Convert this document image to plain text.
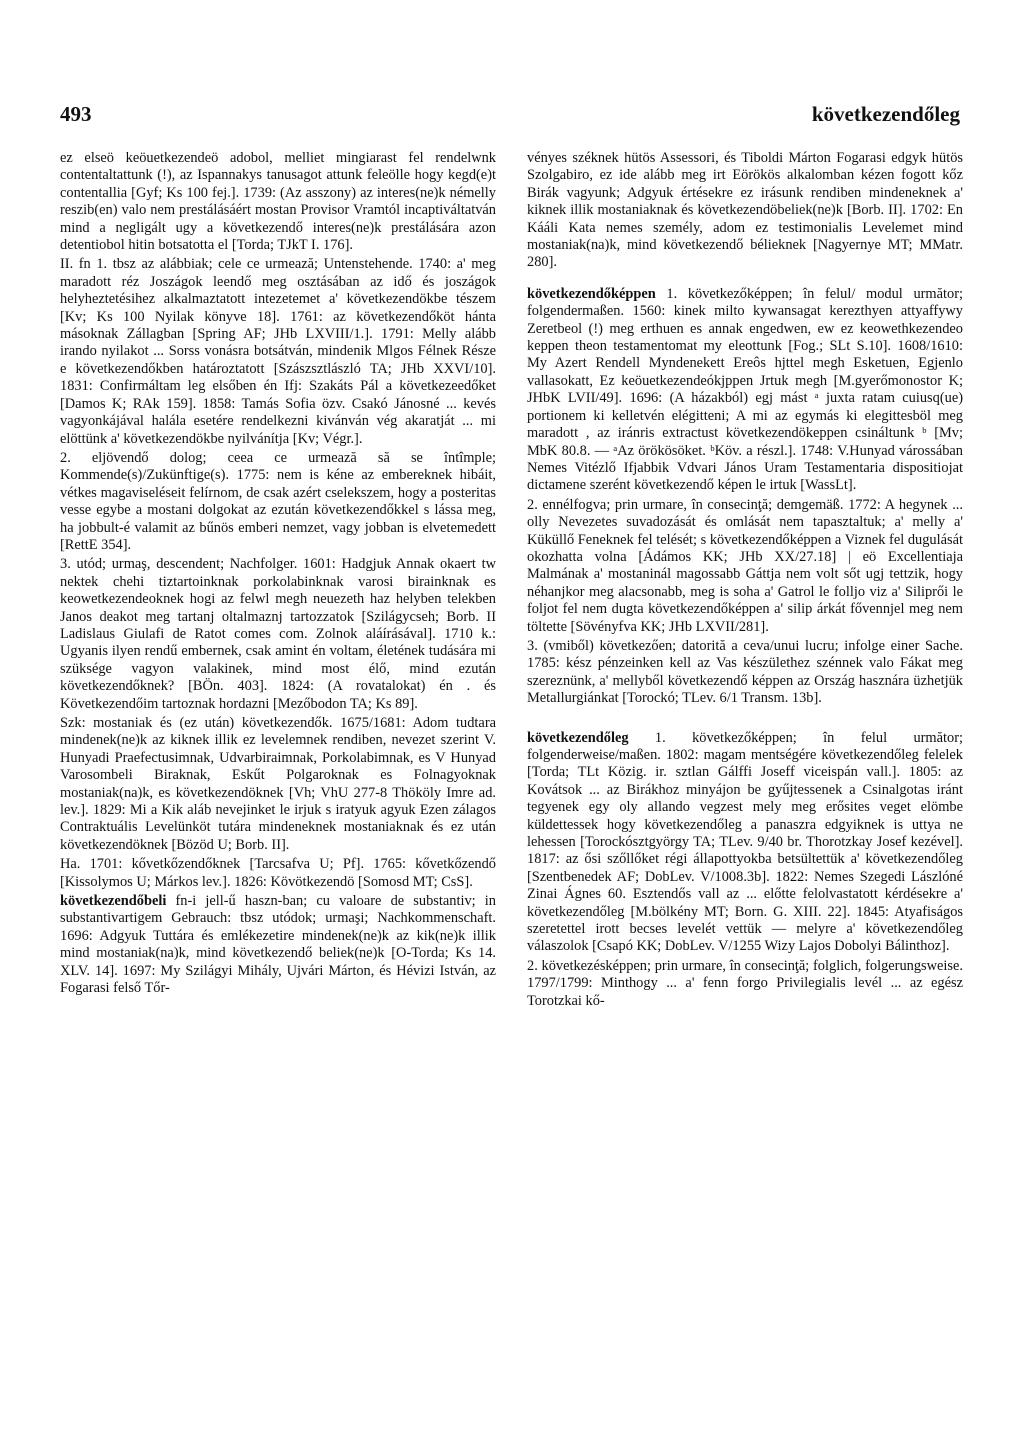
493	következendőleg

ez elseö keöuetkezendeö adobol, melliet mingiarast fel rendelwnk contentaltattunk (!), az Ispannakys tanusagot attunk feleölle hogy kegd(e)t contentallia [Gyf; Ks 100 fej.]. 1739: (Az asszony) az interes(ne)k némelly reszib(en) valo nem prestálásáért mostan Provisor Vramtól incaptiváltatván mind a negligált ugy a következendő interes(ne)k prestálására azon detentiobol hitin botsatotta el [Torda; TJkT I. 176].

II. fn 1. tbsz az alábbiak; cele ce urmează; Untenstehende. 1740: a' meg maradott réz Joszágok leendő meg osztásában az idő és joszágok helyheztetésihez alkalmaztatott intezetemet a' következendökbe tészem [Kv; Ks 100 Nyilak könyve 18]. 1761: az következendőköt hánta másoknak Zállagban [Spring AF; JHb LXVIII/1.]. 1791: Melly alább irando nyilakot ... Sorss vonásra botsátván, mindenik Mlgos Félnek Része e következendőkben határoztatott [Szászsztlászló TA; JHb XXVI/10]. 1831: Confirmáltam leg elsőben én Ifj: Szakáts Pál a következeedőket [Damos K; RAk 159]. 1858: Tamás Sofia özv. Csakó Jánosné ... kevés vagyonkájával halála esetére rendelkezni kivánván vég akaratját ... mi elöttünk a' következendökbe nyilvánítja [Kv; Végr.].

2. eljövendő dolog; ceea ce urmează să se întîmple; Kommende(s)/Zukünftige(s). 1775: nem is kéne az embereknek hibáit, vétkes magaviseléseit felírnom, de csak azért cselekszem, hogy a posteritas vesse egybe a mostani dolgokat az ezután következendőkkel s lássa meg, ha jobbult-é valamit az bűnös emberi nemzet, vagy jobban is elvetemedett [RettE 354].

3. utód; urmaş, descendent; Nachfolger. 1601: Hadgjuk Annak okaert tw nektek chehi tiztartoinknak porkolabinknak varosi birainknak es keowetkezendeoknek hogi az felwl megh neuezeth haz helyben telekben Janos deakot meg tartanj oltalmaznj tartozzatok [Szilágycseh; Borb. II Ladislaus Giulafi de Ratot comes com. Zolnok aláírásával]. 1710 k.: Ugyanis ilyen rendű embernek, csak amint én voltam, életének tudására mi szüksége vagyon valakinek, mind most élő, mind ezután következendőknek? [BÖn. 403]. 1824: (A rovatalokat) én . és Következendőim tartoznak hordazni [Mezőbodon TA; Ks 89].

Szk: mostaniak és (ez után) következendők. 1675/1681: Adom tudtara mindenek(ne)k az kiknek illik ez levelemnek rendiben, nevezet szerint V. Hunyadi Praefectusimnak, Udvarbiraimnak, Porkolabimnak, es V Hunyad Varosombeli Biraknak, Eskűt Polgaroknak es Folnagyoknak mostaniak(na)k, es következendöknek [Vh; VhU 277-8 Thököly Imre ad. lev.]. 1829: Mi a Kik aláb nevejinket le irjuk s iratyuk agyuk Ezen zálagos Contraktuális Levelünköt tutára mindeneknek mostaniaknak és ez után következendöknek [Bözöd U; Borb. II].

Ha. 1701: kővetkőzendőknek [Tarcsafva U; Pf]. 1765: kővetkőzendő [Kissolymos U; Márkos lev.]. 1826: Kövötkezendö [Somosd MT; CsS].

következendőbeli fn-i jell-ű haszn-ban; cu valoare de substantiv; in substantivartigem Gebrauch: tbsz utódok; urmaşi; Nachkommenschaft. 1696: Adgyuk Tuttára és emlékezetire mindenek(ne)k az kik(ne)k illik mind mostaniak(na)k, mind következendő beliek(ne)k [O-Torda; Ks 14. XLV. 14]. 1697: My Szilágyi Mihály, Ujvári Márton, és Hévizi István, az Fogarasi felső Tőr-

vényes széknek hütös Assessori, és Tiboldi Márton Fogarasi edgyk hütös Szolgabiro, ez ide alább meg irt Eörökös alkalomban kézen fogott kőz Birák vagyunk; Adgyuk értésekre ez irásunk rendiben mindeneknek a' kiknek illik mostaniaknak és következendöbeliek(ne)k [Borb. II]. 1702: En Kááli Kata nemes személy, adom ez testimonialis Levelemet mind mostaniak(na)k, mind következendő bélieknek [Nagyernye MT; MMatr. 280].

következendőképpen 1. következőképpen; în felul/ modul următor; folgendermaßen. 1560: kinek milto kywansagat kerezthyen attyaffywy Zeretbeol (!) meg erthuen es annak engedwen, ew ez keowethkezendeo keppen theon testamentomat my eleottunk [Fog.; SLt S.10]. 1608/1610: My Azert Rendell Myndenekett Ereôs hjttel megh Esketuen, Egjenlo vallasokatt, Ez keöuetkezendeókjppen Jrtuk megh [M.gyerőmonostor K; JHbK LVII/49]. 1696: (A házakból) egj mást ᵃ juxta ratam cuiusq(ue) portionem ki kelletvén elégitteni; A mi az egymás ki elegittesböl meg maradott , az iránris extractust következendökeppen csináltunk ᵇ [Mv; MbK 80.8. — ᵃAz örökösöket. ᵇKöv. a részl.]. 1748: V.Hunyad várossában Nemes Vitézlő Ifjabbik Vdvari János Uram Testamentaria dispositiojat dictamene szerént következendő képen le irtuk [WassLt].

2. ennélfogva; prin urmare, în consecinţă; demgemäß. 1772: A hegynek ... olly Nevezetes suvadozását és omlását nem tapasztaltuk; a' melly a' Küküllő Feneknek fel telését; s következendőképpen a Viznek fel dugulását okozhatta volna [Ádámos KK; JHb XX/27.18] | eö Excellentiaja Malmának a' mostaninál magossabb Gáttja nem volt sőt ugj tettzik, hogy néhanjkor meg alacsonabb, meg is soha a' Gatrol le folljo viz a' Siliprői le foljot fel nem dugta következendőképpen a' silip árkát fővennjel meg nem töltette [Sövényfva KK; JHb LXVII/281].

3. (vmiből) következően; datorită a ceva/unui lucru; infolge einer Sache. 1785: kész pénzeinken kell az Vas készülethez szénnek valo Fákat meg szereznünk, a' mellyből következendő képpen az Ország hasznára üzhetjük Metallurgiánkat [Torockó; TLev. 6/1 Transm. 13b].

következendőleg 1. következőképpen; în felul următor; folgenderweise/maßen. 1802: magam mentségére következendőleg felelek [Torda; TLt Közig. ir. sztlan Gálffi Joseff viceispán vall.]. 1805: az Kovátsok ... az Birákhoz minyájon be gyűjtessenek a Csinalgotas iránt tegyenek egy oly allando vegzest mely meg erősites veget elömbe küldettessek hogy következendőleg a panaszra edgyiknek is uttya ne lehessen [Torockósztgyörgy TA; TLev. 9/40 br. Thorotzkay Josef kezével]. 1817: az ősi szőllőket régi állapottyokba betsültettük a' következendőleg [Szentbenedek AF; DobLev. V/1008.3b]. 1822: Nemes Szegedi Lászlóné Zinai Ágnes 60. Esztendős vall az ... előtte felolvastatott kérdésekre a' következendőleg [M.bölkény MT; Born. G. XIII. 22]. 1845: Atyafiságos szeretettel irott becses levelét vettük — melyre a' következendőleg válaszolok [Csapó KK; DobLev. V/1255 Wizy Lajos Dobolyi Bálinthoz].

2. következésképpen; prin urmare, în consecinţă; folglich, folgerungsweise. 1797/1799: Minthogy ... a' fenn forgo Privilegialis levél ... az egész Torotzkai kő-
